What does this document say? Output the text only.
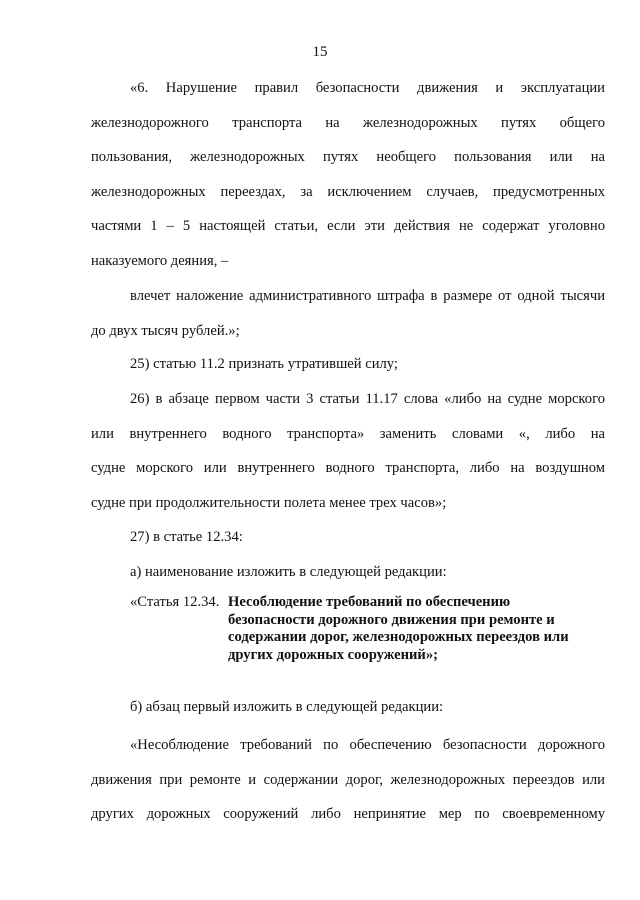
15
«6. Нарушение правил безопасности движения и эксплуатации
железнодорожного транспорта на железнодорожных путях общего
пользования, железнодорожных путях необщего пользования или на
железнодорожных переездах, за исключением случаев, предусмотренных
частями 1 – 5 настоящей статьи, если эти действия не содержат уголовно
наказуемого деяния, –
влечет наложение административного штрафа в размере от одной тысячи
до двух тысяч рублей.»;
25) статью 11.2 признать утратившей силу;
26) в абзаце первом части 3 статьи 11.17 слова «либо на судне морского
или внутреннего водного транспорта» заменить словами «, либо на
судне морского или внутреннего водного транспорта, либо на воздушном
судне при продолжительности полета менее трех часов»;
27) в статье 12.34:
а) наименование изложить в следующей редакции:
«Статья 12.34. Несоблюдение требований по обеспечению
безопасности дорожного движения при ремонте и
содержании дорог, железнодорожных переездов или
других дорожных сооружений»;
б) абзац первый изложить в следующей редакции:
«Несоблюдение требований по обеспечению безопасности дорожного
движения при ремонте и содержании дорог, железнодорожных переездов или
других дорожных сооружений либо непринятие мер по своевременному
